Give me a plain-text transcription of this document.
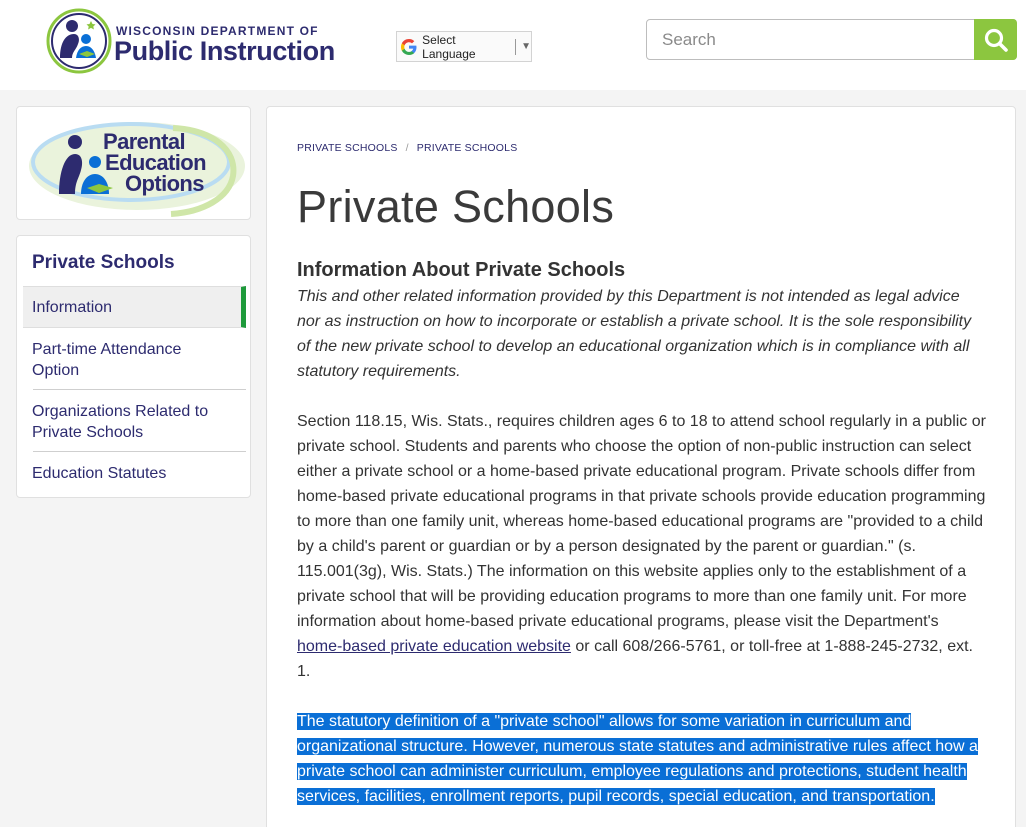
WISCONSIN DEPARTMENT OF
Public Instruction	Select Language	▼
Search
Parental
Education
Options
Private Schools
Information
Part-time Attendance Option
Organizations Related to Private Schools
Education Statutes
PRIVATE SCHOOLS / PRIVATE SCHOOLS
Private Schools
Information About Private Schools

This and other related information provided by this Department is not intended as legal advice nor as instruction on how to incorporate or establish a private school. It is the sole responsibility of the new private school to develop an educational organization which is in compliance with all statutory requirements.

Section 118.15, Wis. Stats., requires children ages 6 to 18 to attend school regularly in a public or private school. Students and parents who choose the option of non-public instruction can select either a private school or a home-based private educational program. Private schools differ from home-based private educational programs in that private schools provide education programming to more than one family unit, whereas home-based educational programs are "provided to a child by a child's parent or guardian or by a person designated by the parent or guardian." (s. 115.001(3g), Wis. Stats.) The information on this website applies only to the establishment of a private school that will be providing education programs to more than one family unit. For more information about home-based private educational programs, please visit the Department's home-based private education website or call 608/266-5761, or toll-free at 1-888-245-2732, ext. 1.

The statutory definition of a "private school" allows for some variation in curriculum and organizational structure. However, numerous state statutes and administrative rules affect how a private school can administer curriculum, employee regulations and protections, student health services, facilities, enrollment reports, pupil records, special education, and transportation.
